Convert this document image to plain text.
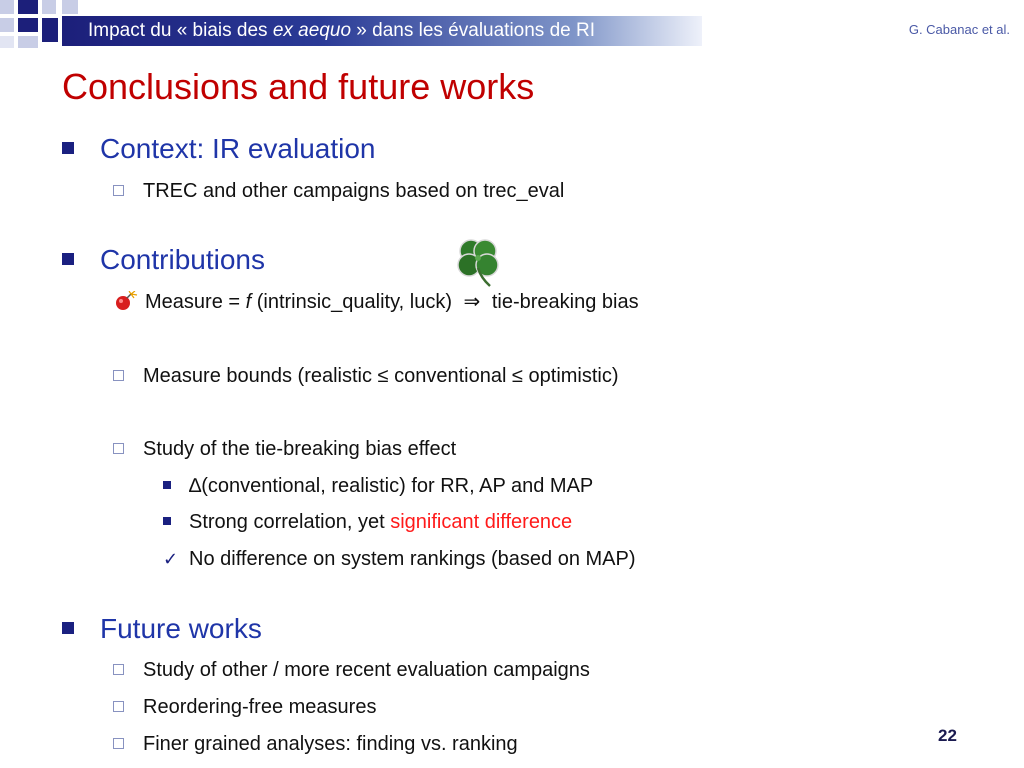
Impact du « biais des ex aequo » dans les évaluations de RI	G. Cabanac et al.
Conclusions and future works
Context: IR evaluation
TREC and other campaigns based on trec_eval
Contributions
Measure = f (intrinsic_quality, luck) ⇒ tie-breaking bias
Measure bounds (realistic ≤ conventional ≤ optimistic)
Study of the tie-breaking bias effect
∆(conventional, realistic) for RR, AP and MAP
Strong correlation, yet significant difference
✓ No difference on system rankings (based on MAP)
Future works
Study of other / more recent evaluation campaigns
Reordering-free measures
Finer grained analyses: finding vs. ranking	22
